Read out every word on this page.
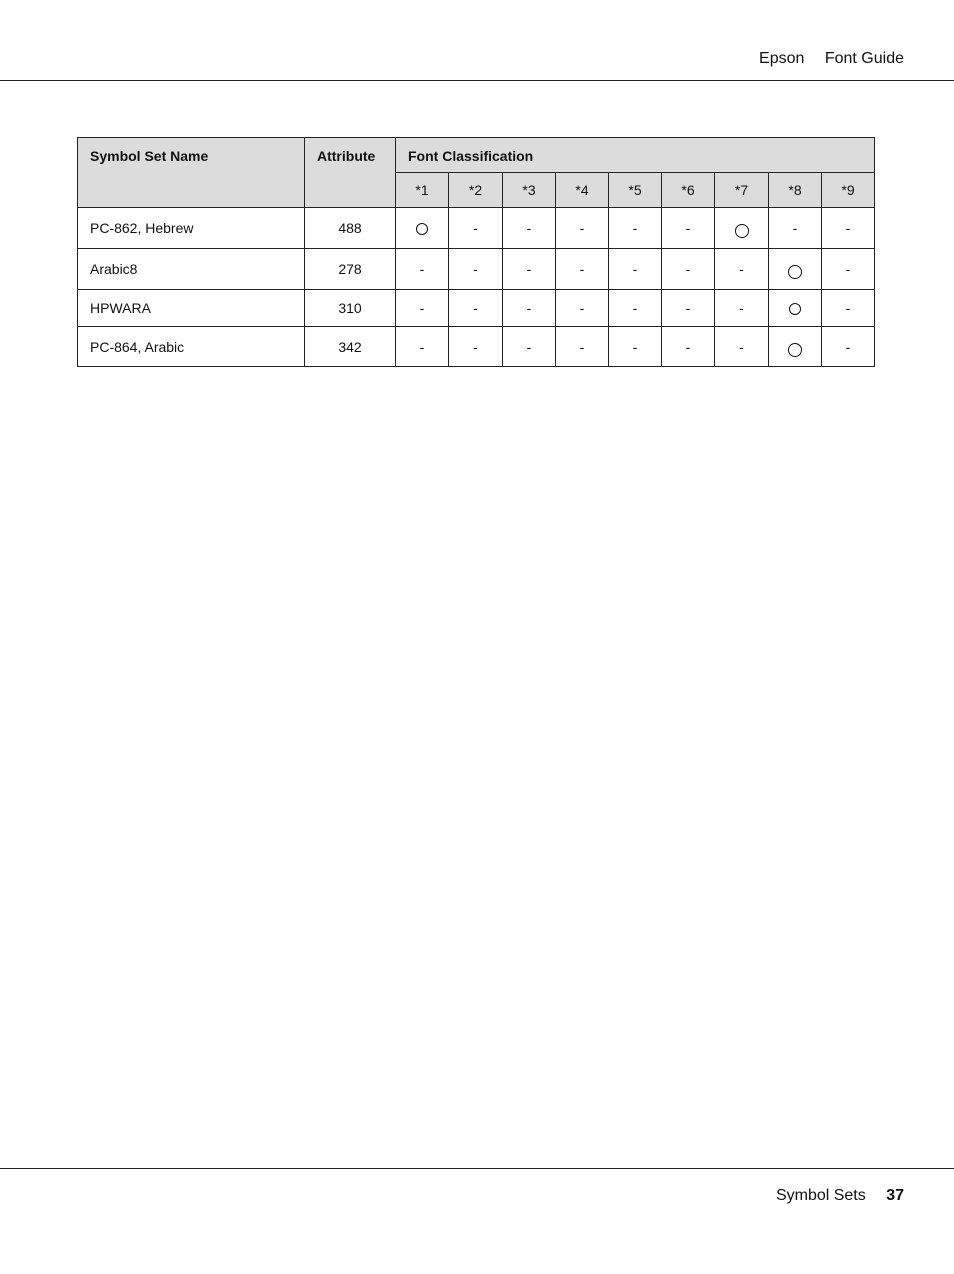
Epson Font Guide
Symbol Set Name	Attribute	Font Classification								
		*1	*2	*3	*4	*5	*6	*7	*8	*9
PC-862, Hebrew	488		-	-	-	-	-		-	-
Arabic8	278	-	-	-	-	-	-	-		-
HPWARA	310	-	-	-	-	-	-	-		-
PC-864, Arabic	342	-	-	-	-	-	-	-		-
Symbol Sets 37
